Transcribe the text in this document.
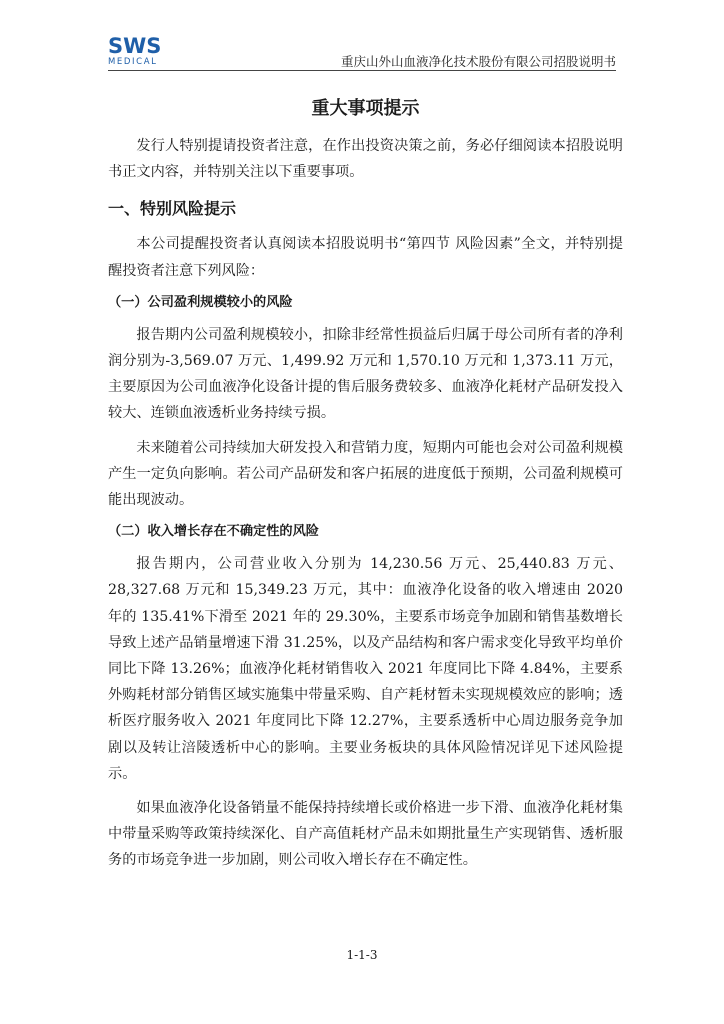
SWS
MEDICAL	重庆山外山血液净化技术股份有限公司招股说明书
重大事项提示

发行人特别提请投资者注意，在作出投资决策之前，务必仔细阅读本招股说明书正文内容，并特别关注以下重要事项。

一、特别风险提示

本公司提醒投资者认真阅读本招股说明书“第四节 风险因素”全文，并特别提醒投资者注意下列风险：

（一）公司盈利规模较小的风险

报告期内公司盈利规模较小，扣除非经常性损益后归属于母公司所有者的净利润分别为-3,569.07 万元、1,499.92 万元和 1,570.10 万元和 1,373.11 万元，主要原因为公司血液净化设备计提的售后服务费较多、血液净化耗材产品研发投入较大、连锁血液透析业务持续亏损。

未来随着公司持续加大研发投入和营销力度，短期内可能也会对公司盈利规模产生一定负向影响。若公司产品研发和客户拓展的进度低于预期，公司盈利规模可能出现波动。

（二）收入增长存在不确定性的风险

报告期内，公司营业收入分别为 14,230.56 万元、25,440.83 万元、28,327.68 万元和 15,349.23 万元，其中：血液净化设备的收入增速由 2020 年的 135.41%下滑至 2021 年的 29.30%，主要系市场竞争加剧和销售基数增长导致上述产品销量增速下滑 31.25%，以及产品结构和客户需求变化导致平均单价同比下降 13.26%；血液净化耗材销售收入 2021 年度同比下降 4.84%，主要系外购耗材部分销售区域实施集中带量采购、自产耗材暂未实现规模效应的影响；透析医疗服务收入 2021 年度同比下降 12.27%，主要系透析中心周边服务竞争加剧以及转让涪陵透析中心的影响。主要业务板块的具体风险情况详见下述风险提示。

如果血液净化设备销量不能保持持续增长或价格进一步下滑、血液净化耗材集中带量采购等政策持续深化、自产高值耗材产品未如期批量生产实现销售、透析服务的市场竞争进一步加剧，则公司收入增长存在不确定性。

1-1-3
